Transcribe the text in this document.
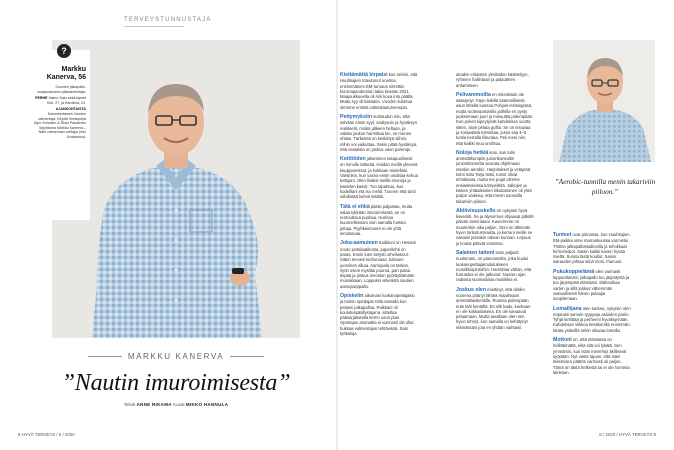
TERVEYSTUNNUSTAJA
Markku
Kanerva, 56

Suomen jalkapallomaajoukkueen päävalmentaja.

PERHE Vaimo Satu sekä lapset Kim, 27, ja Karoliina, 23.

AJANKOHTAISTA
Kolmekertainen Vuoden valmentaja. Kirjoitti ihmisyhtyä Alpo Suhosen & Risto Pakarisen kirjoittama Markku Kanerva – Näin valmennan voittajia (Into Kustannus).

?
MARKKU KANERVA
”Nautin imuroimisesta”
Teksti ANNE RIKAMA Kuvat MIKKO HANNULA
8 HYVÄ TERVEYS / 8 / 2020	8 / 2020 / HYVÄ TERVEYS 9

Kieltämättä kirpaisi kun selvisi, että Huuhkajien toteutunut unelma, ensimmäinen EM-turnaus siirrettiin koronapandemian takia kesään 2021. Maajoukkueella oli niin kova into päällä. Mutta syy oli kiistaton. Vuoden kuluttua olemme entistä valmistautuneempia.

Pettymyksiin suhtaudun niin, että selvitän ensin syyt, analysoin ja hyväksyn realiteetit, minkä jälkeen heltaan, ja vaikka joukon harmittaa kin, se menee ohitse. Tärkeintä on keskittyä siihen, mihin voi vaikuttaa. Sekin pitää hyväksyä, että vastaista on joskus vaan parempi.

Kotitöiden jakaminen tasapuolisesti on minulle tärkeää. Hoidan meillä yleensä kauppareissut, ja kokkaan mielelläni. Varsinkin, kun vaimo ensin osoittaa kehua tuttojani. Olen lisäksi meillä imuroija ja kastelen kasvit. Tuo tapahtuu, kun kodeillani etä iso meliö. Tunnen että tunti vahdistää kahvit sisällä.

Tätä ei ehkä pitäisi paljastaa, mutta salaa tykkään imuroimisesta, se on rentouttava puuhaa. Hurinaa kuunnellessani voin samalla funtsia juttuja. Pyyhkeiimuren ei ole yhtä innostavaa.

Joka-aamuinen traditioni on Hesarin nouto postilaatikosta, paperilehti on paras. Ensin luen tietysti urheilusivut. Sitten teevesi kiehumaan, kahvien juominen alkaa. Aamupala on tärkeä, syön usein myslitai puuroa, pari palaa leipää ja joskus innostun pyöräyttämään munakkaan. Loppuksi virkeästä nautien aamupurppalla.

Opiskelin aikoinani luokanopettajaksi ja toimin opettajan töitä samalla kun pelasin jalkapalloa. Palkkani oli koulutuspäällystajana, sitteltaa pääsarjatasolla kerrin uson pian. Opettajan ammattia ei varmasti ole ollut hukkaa valmentajan tehtävissä. Sain työkaluja

ainakin erilaisten yksilöiden käsittelyyn, ryhmien hallintaan ja palautteen antamiseen.

Pelivammoilta en mitenkään ole säästynyt. Käyn leikillä säärenillisesti, asun lähellä luontoa Pohjois-Helsingissä, mutta ruotsvaarioisilla polkilla en pysty juoksemaan juuri ja minuuttia pidempään. Kun polvet kipeytyivät kahdeksan vuotta sitten, aloin pelata golfia. Se on terapiaa ja sosiaalista toimintaa, jossa saa 4–5 tuntia kerralla liikuntaa. Peli meni niin, että kaikki muu unohtuu.

Noloja hetkiä koin, kun tulin ammattikumpiin juniorikonsultin junioritilannetta seurata ohjelmaan etenkin aerobic. Harjoitukset ja vetäjänä toimi tuttu Tarja Näsi, tunnit olivat tehokkaita, mutta me pojat olimme ensiaskeleissa kömpelöitä. Jalkojen ja käsien yhtäaikainen liikuttaminen oli yhtä paljon vaikeaa, että menin suosiolla takariviin piiloon.

Aktiivisuuskello on nykyisin hyvä kaveristi. Se ja älysormus ohjaavat pitkälti päivän toimintaani. Kaverimme on muutenkin aika paljon. Onni on lähinnän hyvin tarkoitusmaista, ja kerrani meille se vastaisi jossakin oikean kunnan. Lepuus ja koulut pitävät voimissa.

Salainen taitoni tosin paljasti nuotsmani, on pianonsoitto, joka kuului luokanopettajakoulutukseen musiikkiopintoihin. Harmittaa vähän, että harrastus ei ole jatkunut. Nuoren ajan radiosta suomalaisia musiikkia ei.

Joskus olen miettinyt, että olisiko nuorena pitänyt lähteä maailmaan ammattilaiskentille. Ruotsia pidempään eräs lähi kentällä. En silti kadu, kunkaan en ole kokkailaisena. En ole kanaavat pelaamaan. Mutta tavallaan olen sen hyvin tehnyt, kun samalla on kehittynyt elämässäni jota en yhtään vaihtaisi.

”Aerobic-tunnilla menin takariviin piiloon.”

Tunteet ovat pinnassa, kun Huuhkajien EM-paikka vime marraskuussa varmistui Töölön jalkapallostadionilla ja tehokkaat hirmuhelpot. Saisin kaikki kaveri hyvää mieltä. Suruta tästä kuullut. Saisin sairauden johtaa siinä moni. Ihanuus.

Pukukoppielämä olen varmasti loppuelämäni, jalkapallo tuo järjestystä ja tuo järjestystä elämääni. Eläkeaikaa varten ja sillä joskus vähemmän vastuullisesti hänen pelaajia suojelemaan.

Lomailijana olen surkea, nykyisin olen nopeasti samoin tyyppeja asioiden pariin. Tyhjä kehittää ja perheeni hyväksymään. Kahdeksan viikkoa kesälomilla enemmän. Mutta ystävillä onkin oltavaa lomalla.

Mottoni on, että elämässä on hellittämättä, eikä sitä voi lykätä. Sen ymmärsin, kun isäni menehtyi äkillisesti syöpään. Nyt vasta tajuan, että isäni tekemisen päätös varmasti oli paljon. Tämä on tästä hetkestä tai ei ole hommia lainkaan.
